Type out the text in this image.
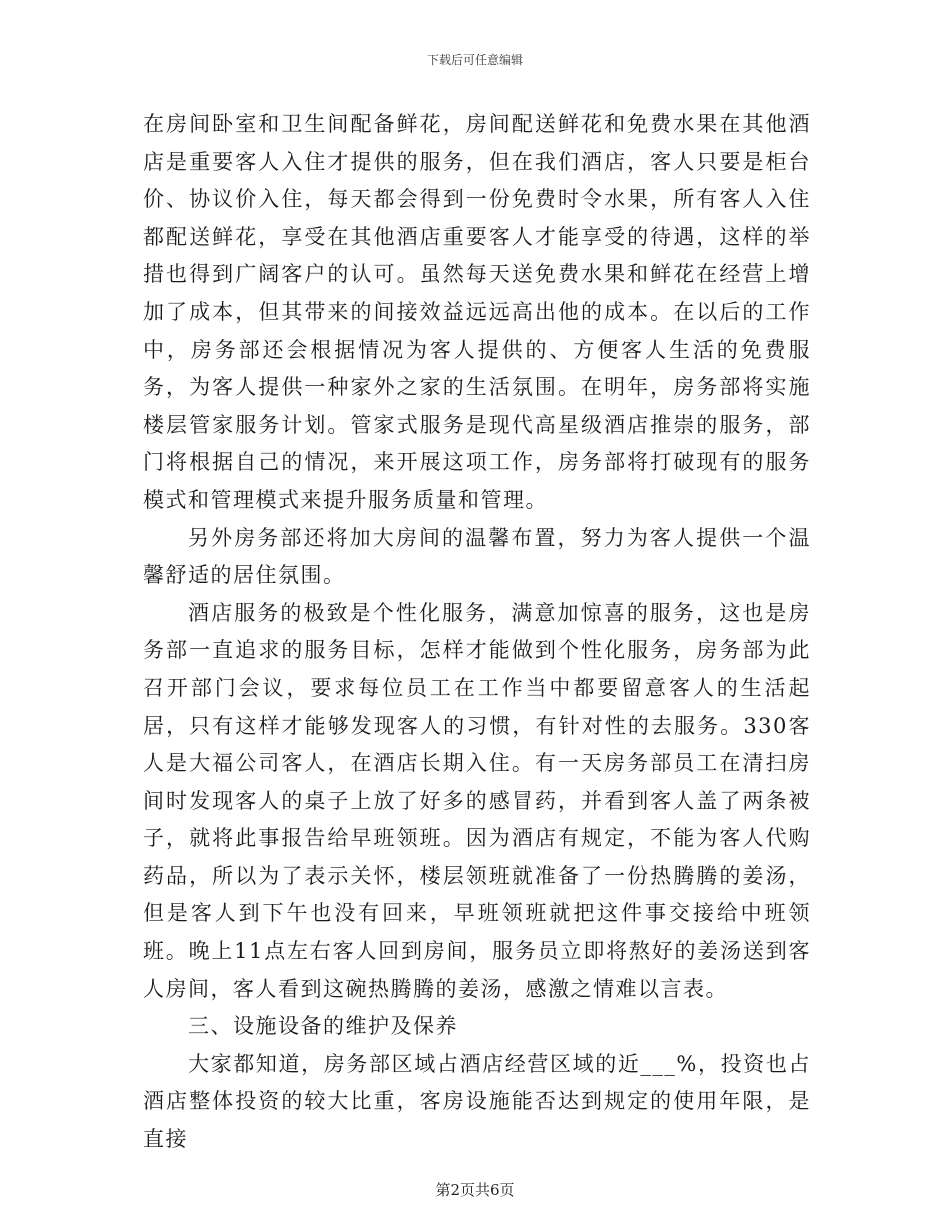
下载后可任意编辑

在房间卧室和卫生间配备鲜花，房间配送鲜花和免费水果在其他酒店是重要客人入住才提供的服务，但在我们酒店，客人只要是柜台价、协议价入住，每天都会得到一份免费时令水果，所有客人入住都配送鲜花，享受在其他酒店重要客人才能享受的待遇，这样的举措也得到广阔客户的认可。虽然每天送免费水果和鲜花在经营上增加了成本，但其带来的间接效益远远高出他的成本。在以后的工作中，房务部还会根据情况为客人提供的、方便客人生活的免费服务，为客人提供一种家外之家的生活氛围。在明年，房务部将实施楼层管家服务计划。管家式服务是现代高星级酒店推崇的服务，部门将根据自己的情况，来开展这项工作，房务部将打破现有的服务模式和管理模式来提升服务质量和管理。

另外房务部还将加大房间的温馨布置，努力为客人提供一个温馨舒适的居住氛围。

酒店服务的极致是个性化服务，满意加惊喜的服务，这也是房务部一直追求的服务目标，怎样才能做到个性化服务，房务部为此召开部门会议，要求每位员工在工作当中都要留意客人的生活起居，只有这样才能够发现客人的习惯，有针对性的去服务。330客人是大福公司客人，在酒店长期入住。有一天房务部员工在清扫房间时发现客人的桌子上放了好多的感冒药，并看到客人盖了两条被子，就将此事报告给早班领班。因为酒店有规定，不能为客人代购药品，所以为了表示关怀，楼层领班就准备了一份热腾腾的姜汤，但是客人到下午也没有回来，早班领班就把这件事交接给中班领班。晚上11点左右客人回到房间，服务员立即将熬好的姜汤送到客人房间，客人看到这碗热腾腾的姜汤，感激之情难以言表。

三、设施设备的维护及保养

大家都知道，房务部区域占酒店经营区域的近___%，投资也占酒店整体投资的较大比重，客房设施能否达到规定的使用年限，是直接

第2页共6页
